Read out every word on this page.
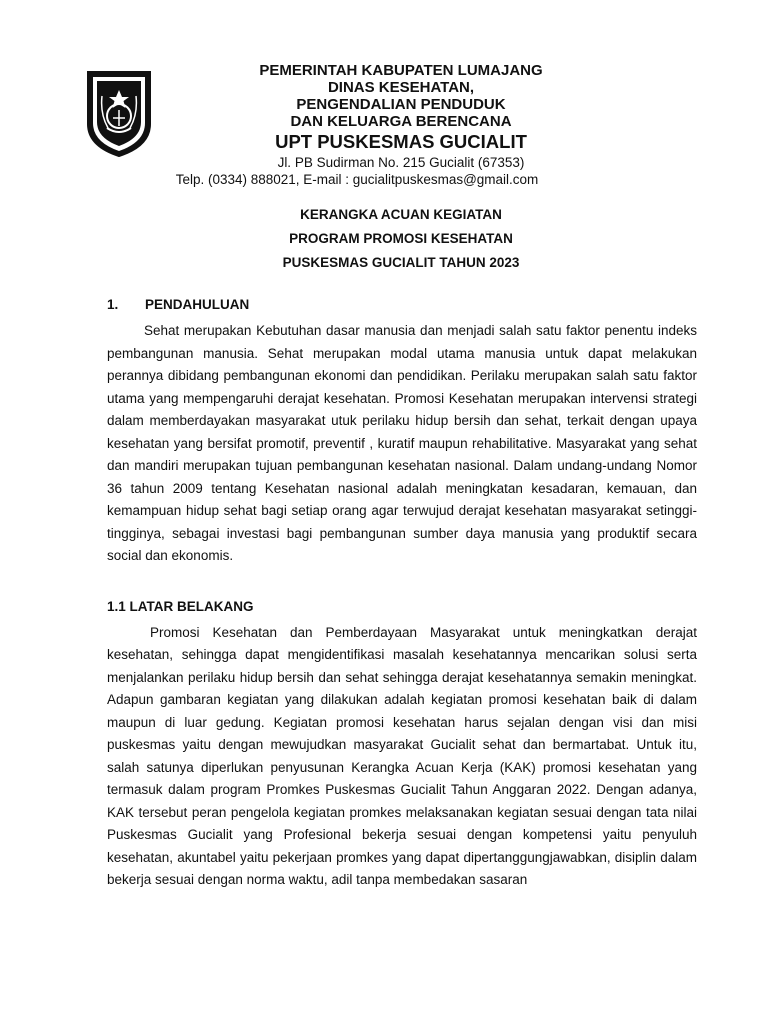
PEMERINTAH KABUPATEN LUMAJANG
DINAS KESEHATAN,
PENGENDALIAN PENDUDUK
DAN KELUARGA BERENCANA
UPT PUSKESMAS GUCIALIT
Jl. PB Sudirman No. 215 Gucialit (67353)
Telp. (0334) 888021, E-mail : gucialitpuskesmas@gmail.com
KERANGKA ACUAN KEGIATAN
PROGRAM PROMOSI KESEHATAN
PUSKESMAS GUCIALIT TAHUN 2023
1.	PENDAHULUAN

Sehat merupakan Kebutuhan dasar manusia dan menjadi salah satu faktor penentu indeks pembangunan manusia. Sehat merupakan modal utama manusia untuk dapat melakukan perannya dibidang pembangunan ekonomi dan pendidikan. Perilaku merupakan salah satu faktor utama yang mempengaruhi derajat kesehatan. Promosi Kesehatan merupakan intervensi strategi dalam memberdayakan masyarakat utuk perilaku hidup bersih dan sehat, terkait dengan upaya kesehatan yang bersifat promotif, preventif , kuratif maupun rehabilitative. Masyarakat yang sehat dan mandiri merupakan tujuan pembangunan kesehatan nasional. Dalam undang-undang Nomor 36 tahun 2009 tentang Kesehatan nasional adalah meningkatan kesadaran, kemauan, dan kemampuan hidup sehat bagi setiap orang agar terwujud derajat kesehatan masyarakat setinggi-tingginya, sebagai investasi bagi pembangunan sumber daya manusia yang produktif secara social dan ekonomis.

1.1 LATAR BELAKANG

Promosi Kesehatan dan Pemberdayaan Masyarakat untuk meningkatkan derajat kesehatan, sehingga dapat mengidentifikasi masalah kesehatannya mencarikan solusi serta menjalankan perilaku hidup bersih dan sehat sehingga derajat kesehatannya semakin meningkat. Adapun gambaran kegiatan yang dilakukan adalah kegiatan promosi kesehatan baik di dalam maupun di luar gedung. Kegiatan promosi kesehatan harus sejalan dengan visi dan misi puskesmas yaitu dengan mewujudkan masyarakat Gucialit sehat dan bermartabat. Untuk itu, salah satunya diperlukan penyusunan Kerangka Acuan Kerja (KAK) promosi kesehatan yang termasuk dalam program Promkes Puskesmas Gucialit Tahun Anggaran 2022. Dengan adanya, KAK tersebut peran pengelola kegiatan promkes melaksanakan kegiatan sesuai dengan tata nilai Puskesmas Gucialit yang Profesional bekerja sesuai dengan kompetensi yaitu penyuluh kesehatan, akuntabel yaitu pekerjaan promkes yang dapat dipertanggungjawabkan, disiplin dalam bekerja sesuai dengan norma waktu, adil tanpa membedakan sasaran
